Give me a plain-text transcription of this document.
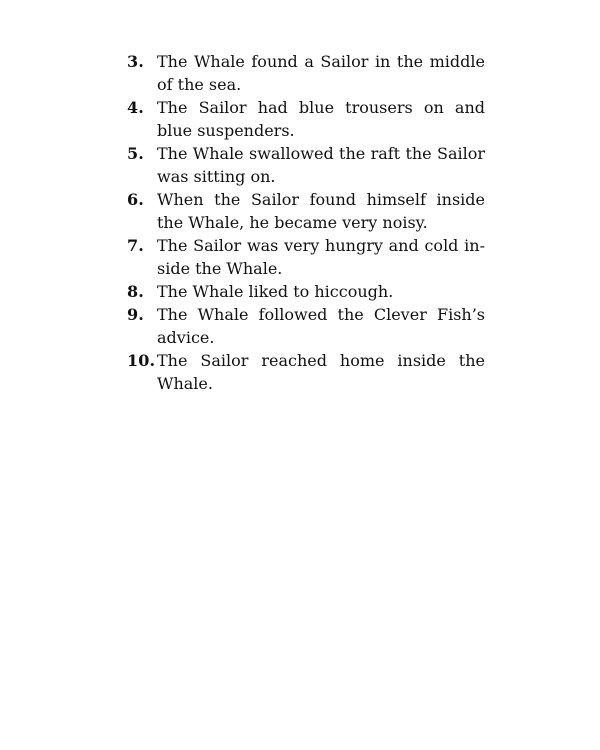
3. The Whale found a Sailor in the middle
of the sea.
4. The Sailor had blue trousers on and
blue suspenders.
5. The Whale swallowed the raft the Sailor
was sitting on.
6. When the Sailor found himself inside
the Whale, he became very noisy.
7. The Sailor was very hungry and cold in-
side the Whale.
8. The Whale liked to hiccough.
9. The Whale followed the Clever Fish’s
advice.
10. The Sailor reached home inside the
Whale.
